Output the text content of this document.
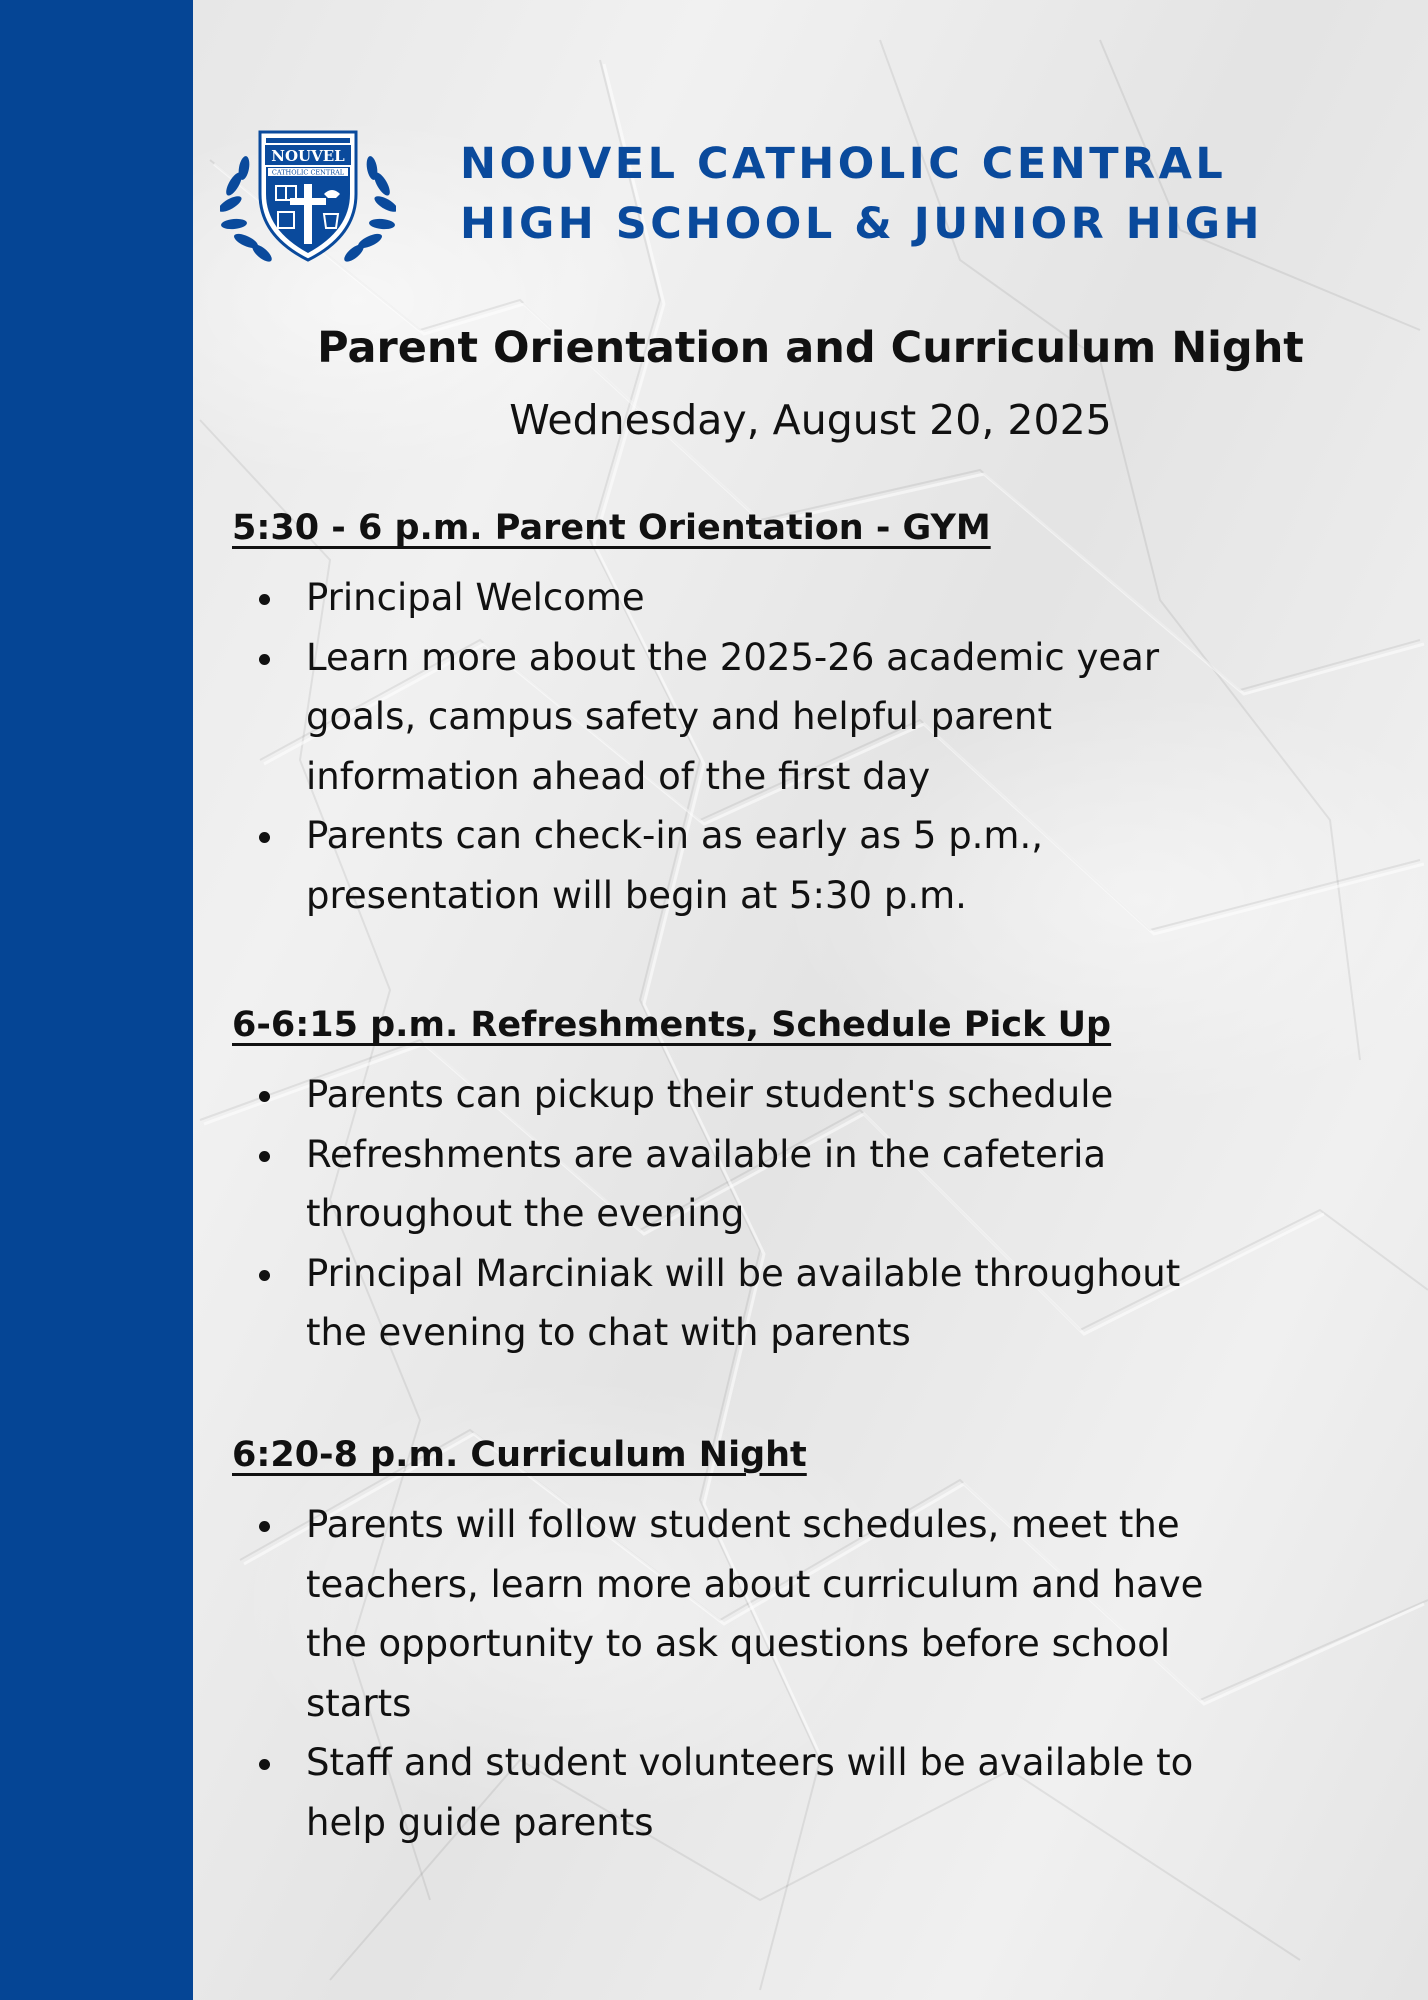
NOUVEL
CATHOLIC CENTRAL	NOUVEL CATHOLIC CENTRAL
HIGH SCHOOL & JUNIOR HIGH
Parent Orientation and Curriculum Night

Wednesday, August 20, 2025

5:30 - 6 p.m. Parent Orientation - GYM
Principal Welcome
Learn more about the 2025-26 academic year
goals, campus safety and helpful parent
information ahead of the first day
Parents can check-in as early as 5 p.m.,
presentation will begin at 5:30 p.m.
6-6:15 p.m. Refreshments, Schedule Pick Up
Parents can pickup their student's schedule
Refreshments are available in the cafeteria
throughout the evening
Principal Marciniak will be available throughout
the evening to chat with parents
6:20-8 p.m. Curriculum Night
Parents will follow student schedules, meet the
teachers, learn more about curriculum and have
the opportunity to ask questions before school
starts
Staff and student volunteers will be available to
help guide parents
